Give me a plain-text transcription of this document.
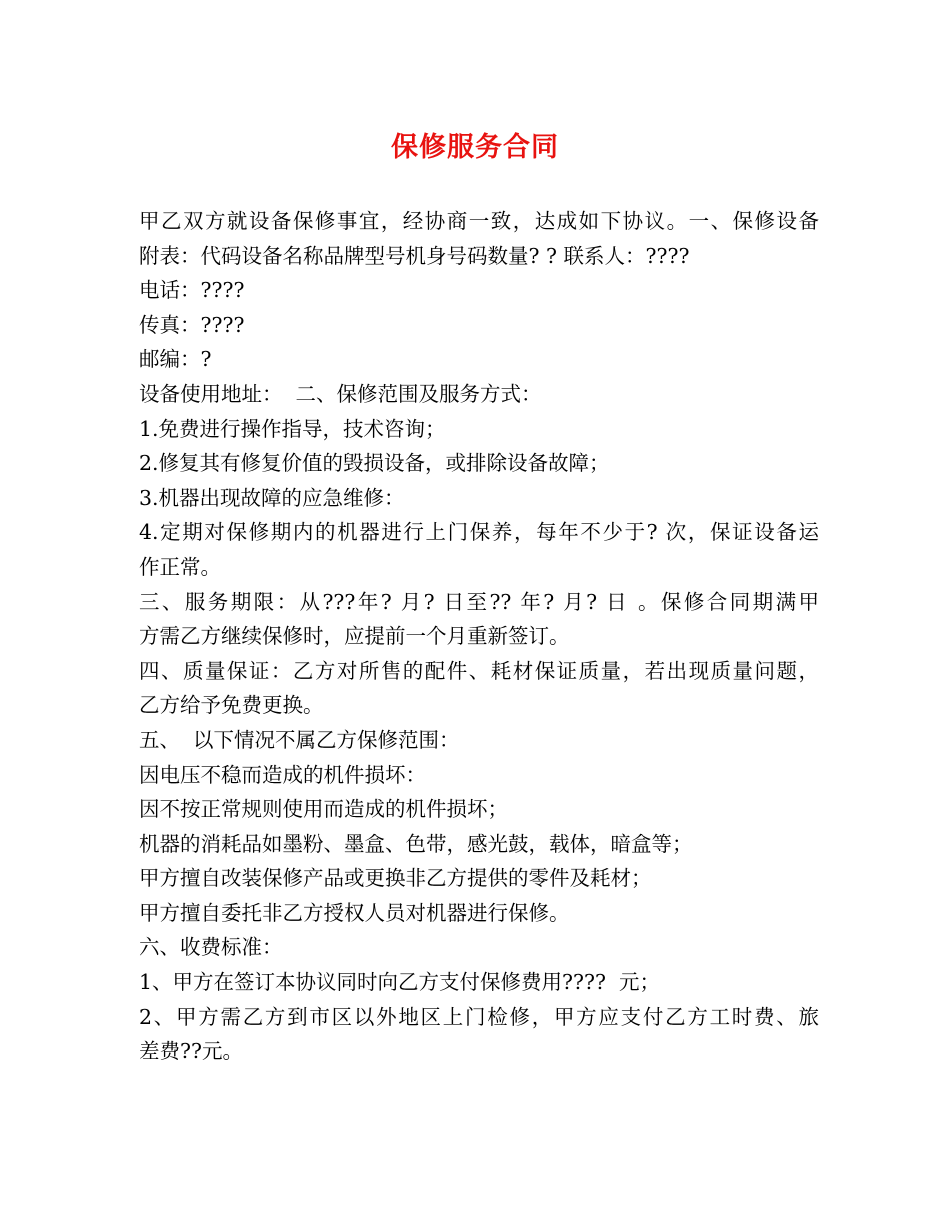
保修服务合同
甲乙双方就设备保修事宜，经协商一致，达成如下协议。一、保修设备
附表：代码设备名称品牌型号机身号码数量? ? 联系人：????
电话：????
传真：????
邮编：?
设备使用地址：  二、保修范围及服务方式：
1.免费进行操作指导，技术咨询；
2.修复其有修复价值的毁损设备，或排除设备故障；
3.机器出现故障的应急维修：
4.定期对保修期内的机器进行上门保养，每年不少于? 次，保证设备运
作正常。
三、服务期限：从???年? 月? 日至?? 年? 月? 日 。保修合同期满甲
方需乙方继续保修时，应提前一个月重新签订。
四、质量保证：乙方对所售的配件、耗材保证质量，若出现质量问题，
乙方给予免费更换。
五、  以下情况不属乙方保修范围：
因电压不稳而造成的机件损坏：
因不按正常规则使用而造成的机件损坏；
机器的消耗品如墨粉、墨盒、色带，感光鼓，载体，暗盒等；
甲方擅自改装保修产品或更换非乙方提供的零件及耗材；
甲方擅自委托非乙方授权人员对机器进行保修。
六、收费标准：
1、甲方在签订本协议同时向乙方支付保修费用????  元；
2、甲方需乙方到市区以外地区上门检修，甲方应支付乙方工时费、旅
差费??元。
